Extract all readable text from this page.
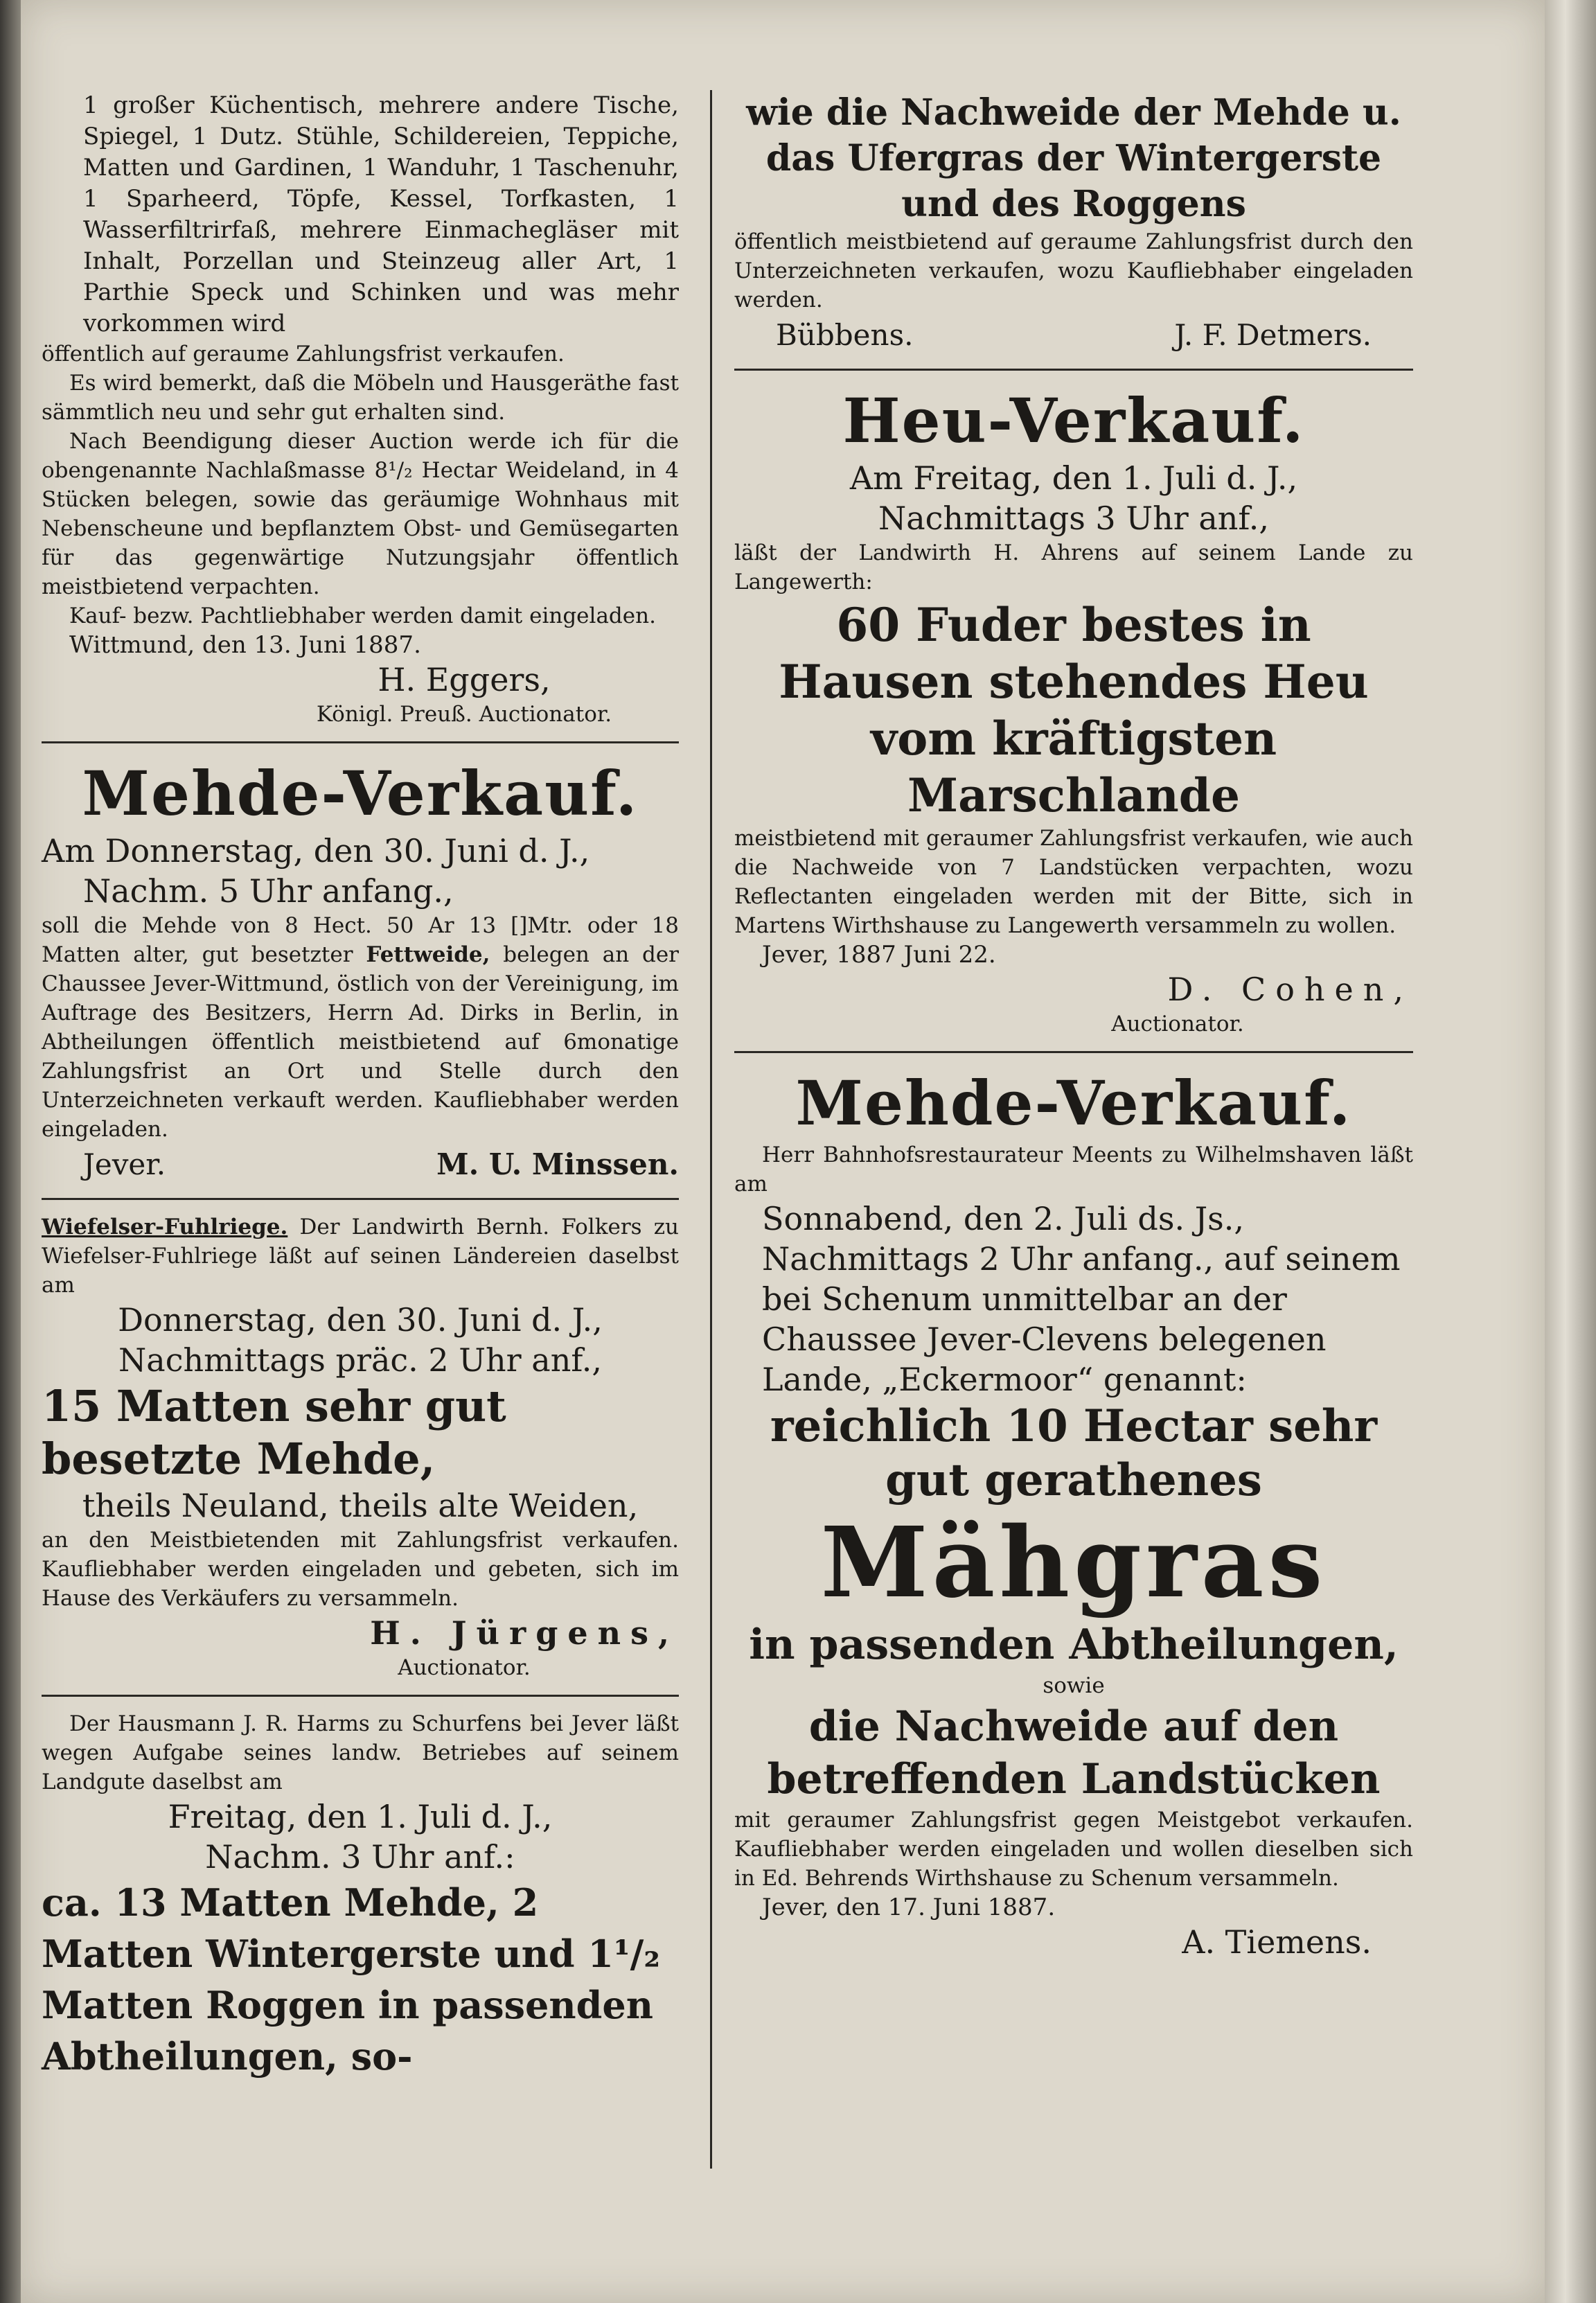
1 großer Küchentisch, mehrere andere Tische, Spiegel, 1 Dutz. Stühle, Schildereien, Teppiche, Matten und Gardinen, 1 Wanduhr, 1 Taschenuhr, 1 Sparheerd, Töpfe, Kessel, Torfkasten, 1 Wasserfiltrirfaß, mehrere Einmachegläser mit Inhalt, Porzellan und Steinzeug aller Art, 1 Parthie Speck und Schinken und was mehr vorkommen wird

öffentlich auf geraume Zahlungsfrist verkaufen.

Es wird bemerkt, daß die Möbeln und Hausgeräthe fast sämmtlich neu und sehr gut erhalten sind.

Nach Beendigung dieser Auction werde ich für die obengenannte Nachlaßmasse 8¹/₂ Hectar Weideland, in 4 Stücken belegen, sowie das geräumige Wohnhaus mit Nebenscheune und bepflanztem Obst- und Gemüsegarten für das gegenwärtige Nutzungsjahr öffentlich meistbietend verpachten.

Kauf- bezw. Pachtliebhaber werden damit eingeladen.

Wittmund, den 13. Juni 1887.

H. Eggers,

Königl. Preuß. Auctionator.

Mehde-Verkauf.

Am Donnerstag, den 30. Juni d. J.,

Nachm. 5 Uhr anfang.,

soll die Mehde von 8 Hect. 50 Ar 13 []Mtr. oder 18 Matten alter, gut besetzter Fettweide, belegen an der Chaussee Jever-Wittmund, östlich von der Vereinigung, im Auftrage des Besitzers, Herrn Ad. Dirks in Berlin, in Abtheilungen öffentlich meistbietend auf 6monatige Zahlungsfrist an Ort und Stelle durch den Unterzeichneten verkauft werden. Kaufliebhaber werden eingeladen.

Jever.	M. U. Minssen.

Wiefelser-Fuhlriege. Der Landwirth Bernh. Folkers zu Wiefelser-Fuhlriege läßt auf seinen Ländereien daselbst am

Donnerstag, den 30. Juni d. J.,

Nachmittags präc. 2 Uhr anf.,

15 Matten sehr gut besetzte Mehde,

theils Neuland, theils alte Weiden,

an den Meistbietenden mit Zahlungsfrist verkaufen. Kaufliebhaber werden eingeladen und gebeten, sich im Hause des Verkäufers zu versammeln.

H. Jürgens,

Auctionator.

Der Hausmann J. R. Harms zu Schurfens bei Jever läßt wegen Aufgabe seines landw. Betriebes auf seinem Landgute daselbst am

Freitag, den 1. Juli d. J.,

Nachm. 3 Uhr anf.:

ca. 13 Matten Mehde, 2 Matten Wintergerste und 1¹/₂ Matten Roggen in passenden Abtheilungen, so-

wie die Nachweide der Mehde u. das Ufergras der Wintergerste und des Roggens

öffentlich meistbietend auf geraume Zahlungsfrist durch den Unterzeichneten verkaufen, wozu Kaufliebhaber eingeladen werden.

Bübbens.	J. F. Detmers.

Heu-Verkauf.

Am Freitag, den 1. Juli d. J.,

Nachmittags 3 Uhr anf.,

läßt der Landwirth H. Ahrens auf seinem Lande zu Langewerth:

60 Fuder bestes in Hausen stehendes Heu vom kräftigsten Marschlande

meistbietend mit geraumer Zahlungsfrist verkaufen, wie auch die Nachweide von 7 Landstücken verpachten, wozu Reflectanten eingeladen werden mit der Bitte, sich in Martens Wirthshause zu Langewerth versammeln zu wollen.

Jever, 1887 Juni 22.

D. Cohen,

Auctionator.

Mehde-Verkauf.

Herr Bahnhofsrestaurateur Meents zu Wilhelmshaven läßt am

Sonnabend, den 2. Juli ds. Js., Nachmittags 2 Uhr anfang., auf seinem bei Schenum unmittelbar an der Chaussee Jever-Clevens belegenen Lande, „Eckermoor“ genannt:

reichlich 10 Hectar sehr gut gerathenes

Mähgras

in passenden Abtheilungen,

sowie

die Nachweide auf den betreffenden Landstücken

mit geraumer Zahlungsfrist gegen Meistgebot verkaufen. Kaufliebhaber werden eingeladen und wollen dieselben sich in Ed. Behrends Wirthshause zu Schenum versammeln.

Jever, den 17. Juni 1887.

A. Tiemens.
